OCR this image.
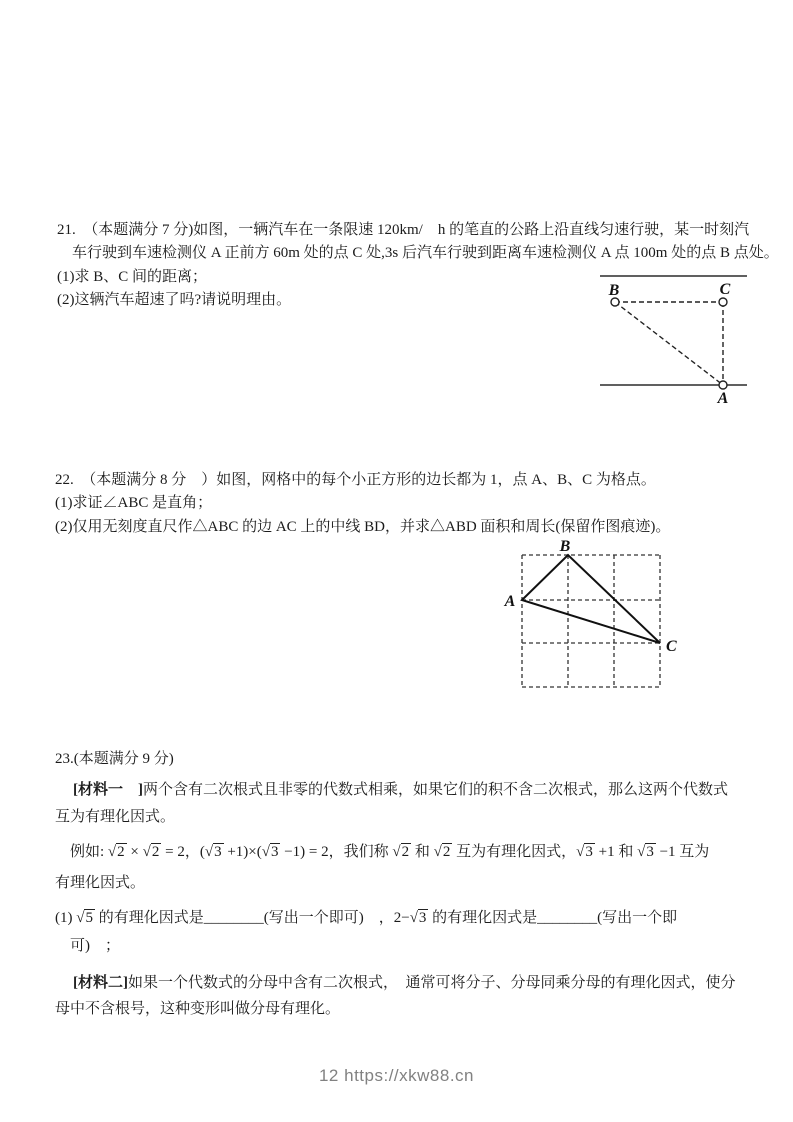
21.　（本题满分 7 分)如图，一辆汽车在一条限速 120km/　h 的笔直的公路上沿直线匀速行驶，某一时刻汽
车行驶到车速检测仪 A 正前方 60m 处的点 C 处,3s 后汽车行驶到距离车速检测仪 A 点 100m 处的点 B 点处。
(1)求 B、C 间的距离；
(2)这辆汽车超速了吗?请说明理由。
B	C
A
22.　（本题满分 8 分　）如图，网格中的每个小正方形的边长都为 1，点 A、B、C 为格点。
(1)求证∠ABC 是直角；
(2)仅用无刻度直尺作△ABC 的边 AC 上的中线 BD，并求△ABD 面积和周长(保留作图痕迹)。
B
A
C
23.(本题满分 9 分)
[材料一　]两个含有二次根式且非零的代数式相乘，如果它们的积不含二次根式，那么这两个代数式
互为有理化因式。
例如: √2 × √2 = 2，(√3 +1)×(√3 −1) = 2，我们称 √2 和 √2 互为有理化因式，√3 +1 和 √3 −1 互为
有理化因式。
(1) √5 的有理化因式是________(写出一个即可)　，2−√3 的有理化因式是________(写出一个即
可)　；
[材料二]如果一个代数式的分母中含有二次根式，　通常可将分子、分母同乘分母的有理化因式，使分
母中不含根号，这种变形叫做分母有理化。
12 https://xkw88.cn
